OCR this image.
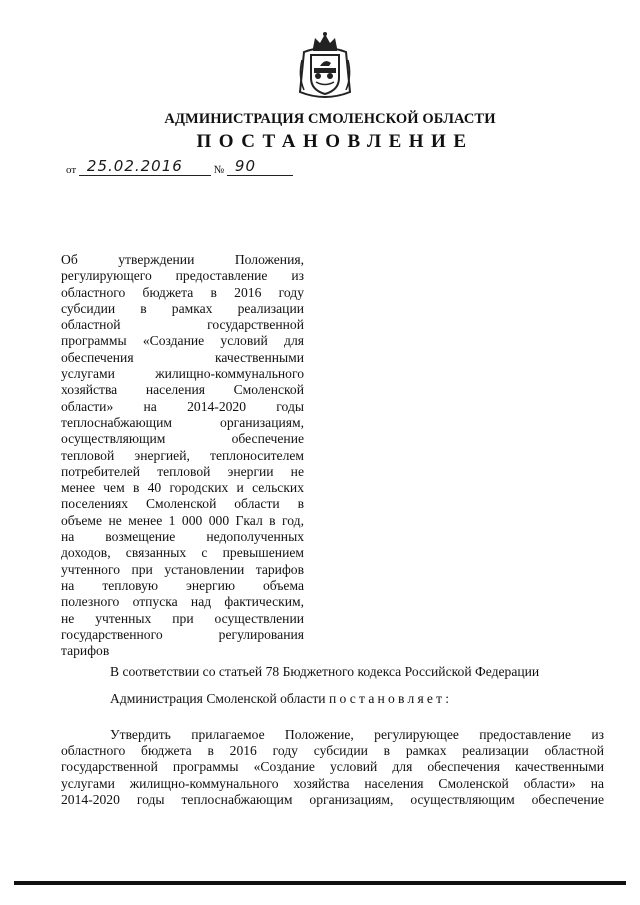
АДМИНИСТРАЦИЯ СМОЛЕНСКОЙ ОБЛАСТИ
ПОСТАНОВЛЕНИЕ
от 25.02.2016	№ 90
Об утверждении Положения,
регулирующего предоставление из
областного бюджета в 2016 году
субсидии в рамках реализации
областной государственной
программы «Создание условий для
обеспечения качественными
услугами жилищно-коммунального
хозяйства населения Смоленской
области» на 2014-2020 годы
теплоснабжающим организациям,
осуществляющим обеспечение
тепловой энергией, теплоносителем
потребителей тепловой энергии не
менее чем в 40 городских и сельских
поселениях Смоленской области в
объеме не менее 1 000 000 Гкал в год,
на возмещение недополученных
доходов, связанных с превышением
учтенного при установлении тарифов
на тепловую энергию объема
полезного отпуска над фактическим,
не учтенных при осуществлении
государственного регулирования
тарифов
В соответствии со статьей 78 Бюджетного кодекса Российской Федерации
Администрация Смоленской области постановляет:
Утвердить прилагаемое Положение, регулирующее предоставление из
областного бюджета в 2016 году субсидии в рамках реализации областной
государственной программы «Создание условий для обеспечения качественными
услугами жилищно-коммунального хозяйства населения Смоленской области» на
2014-2020 годы теплоснабжающим организациям, осуществляющим обеспечение
